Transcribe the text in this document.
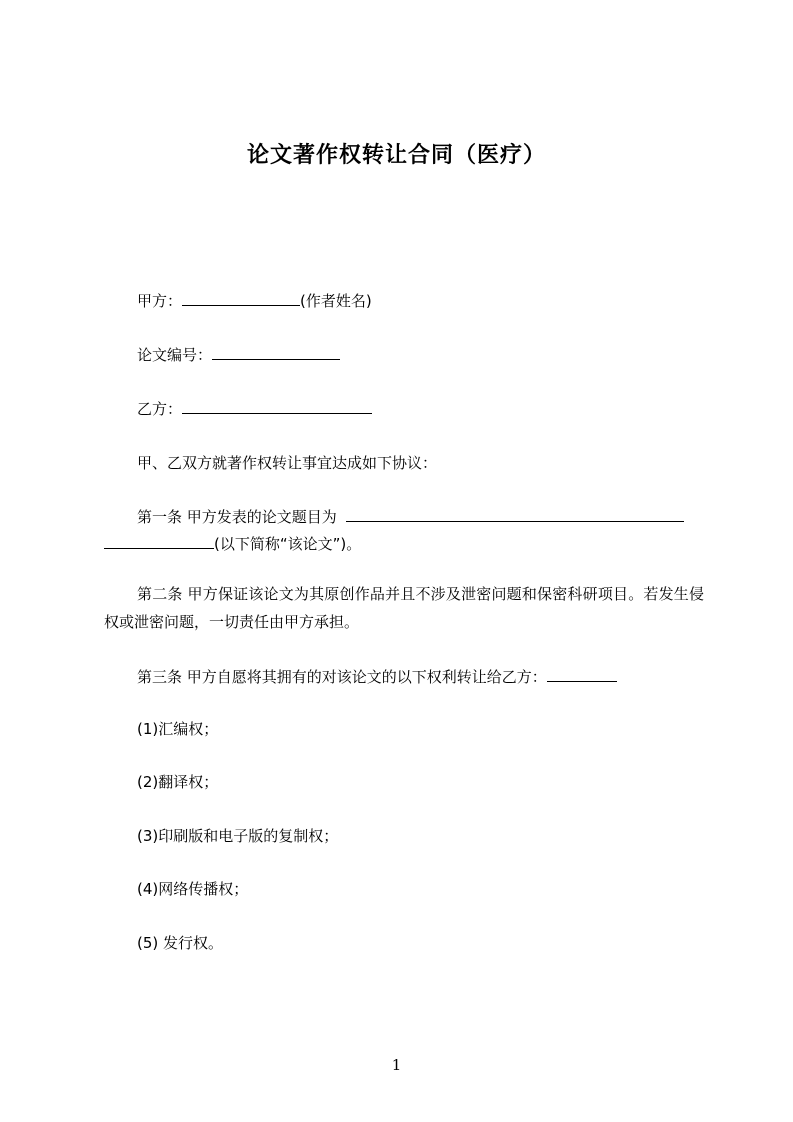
论文著作权转让合同（医疗）
甲方：	(作者姓名)
论文编号：
乙方：
甲、乙双方就著作权转让事宜达成如下协议：
第一条 甲方发表的论文题目为
(以下简称“该论文”)。
第二条 甲方保证该论文为其原创作品并且不涉及泄密问题和保密科研项目。若发生侵权或泄密问题，一切责任由甲方承担。
第三条 甲方自愿将其拥有的对该论文的以下权利转让给乙方：
(1)汇编权；
(2)翻译权；
(3)印刷版和电子版的复制权；
(4)网络传播权；
(5) 发行权。
1
